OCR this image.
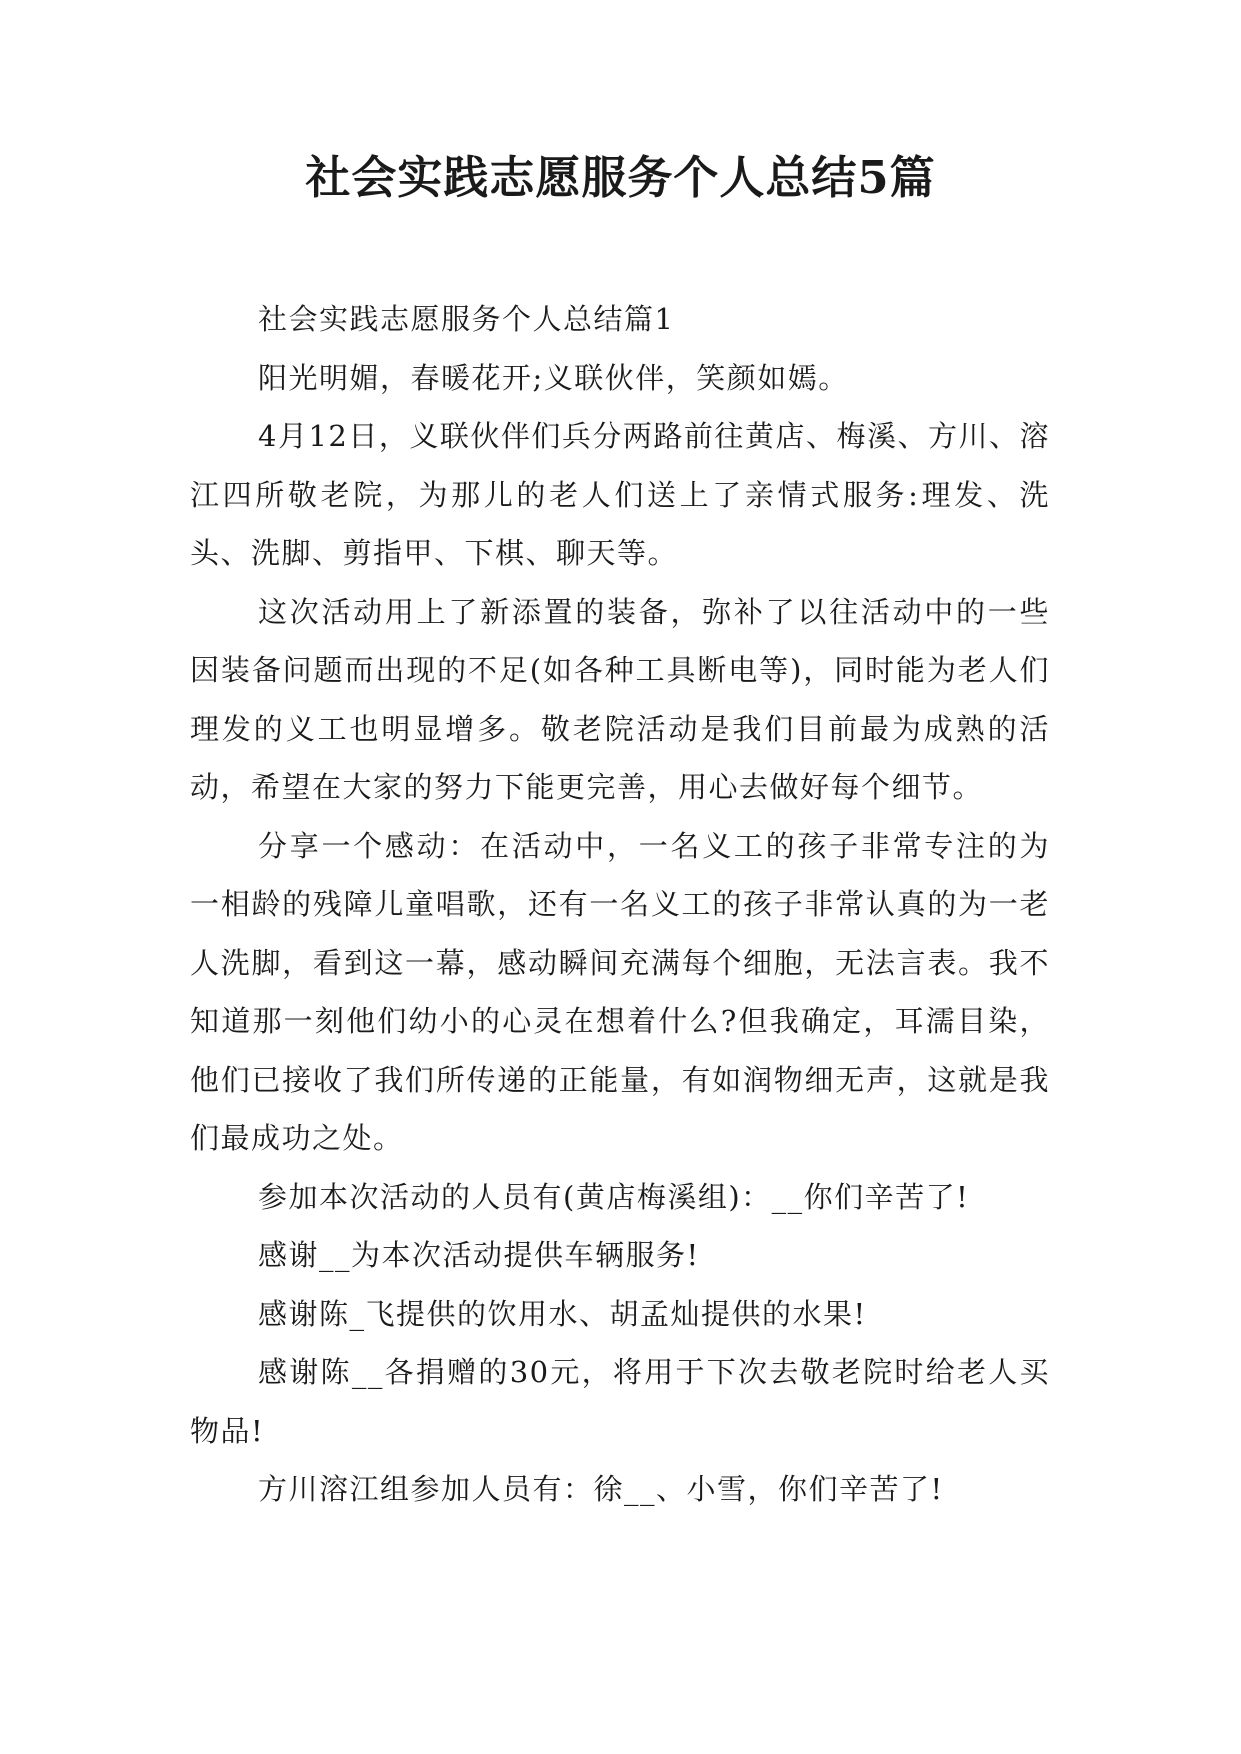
社会实践志愿服务个人总结5篇

社会实践志愿服务个人总结篇1

阳光明媚，春暖花开;义联伙伴，笑颜如嫣。

4月12日，义联伙伴们兵分两路前往黄店、梅溪、方川、溶江四所敬老院，为那儿的老人们送上了亲情式服务:理发、洗头、洗脚、剪指甲、下棋、聊天等。

这次活动用上了新添置的装备，弥补了以往活动中的一些因装备问题而出现的不足(如各种工具断电等)，同时能为老人们理发的义工也明显增多。敬老院活动是我们目前最为成熟的活动，希望在大家的努力下能更完善，用心去做好每个细节。

分享一个感动：在活动中，一名义工的孩子非常专注的为一相龄的残障儿童唱歌，还有一名义工的孩子非常认真的为一老人洗脚，看到这一幕，感动瞬间充满每个细胞，无法言表。我不知道那一刻他们幼小的心灵在想着什么?但我确定，耳濡目染，他们已接收了我们所传递的正能量，有如润物细无声，这就是我们最成功之处。

参加本次活动的人员有(黄店梅溪组)：__你们辛苦了!

感谢__为本次活动提供车辆服务!

感谢陈_飞提供的饮用水、胡孟灿提供的水果!

感谢陈__各捐赠的30元，将用于下次去敬老院时给老人买物品!

方川溶江组参加人员有：徐__、小雪，你们辛苦了!
